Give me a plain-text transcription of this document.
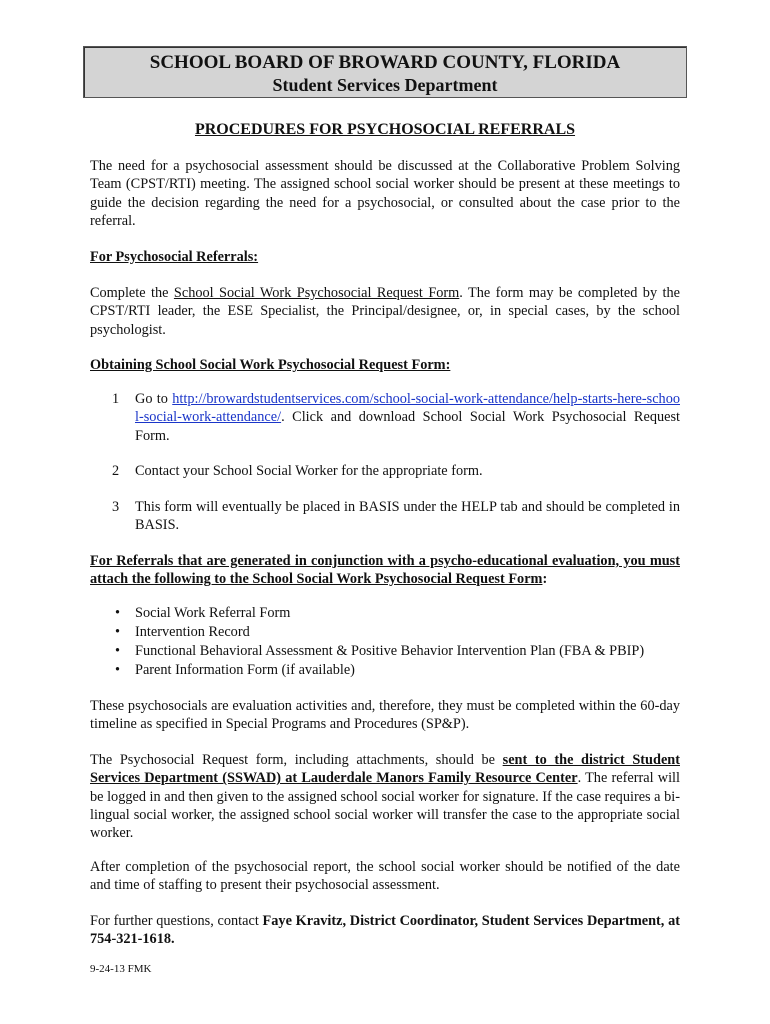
SCHOOL BOARD OF BROWARD COUNTY, FLORIDA
Student Services Department
PROCEDURES FOR PSYCHOSOCIAL REFERRALS
The need for a psychosocial assessment should be discussed at the Collaborative Problem Solving Team (CPST/RTI) meeting. The assigned school social worker should be present at these meetings to guide the decision regarding the need for a psychosocial, or consulted about the case prior to the referral.
For Psychosocial Referrals:
Complete the School Social Work Psychosocial Request Form. The form may be completed by the CPST/RTI leader, the ESE Specialist, the Principal/designee, or, in special cases, by the school psychologist.
Obtaining School Social Work Psychosocial Request Form:
1 Go to http://browardstudentservices.com/school-social-work-attendance/help-starts-here-school-social-work-attendance/. Click and download School Social Work Psychosocial Request Form.
2 Contact your School Social Worker for the appropriate form.
3 This form will eventually be placed in BASIS under the HELP tab and should be completed in BASIS.
For Referrals that are generated in conjunction with a psycho-educational evaluation, you must attach the following to the School Social Work Psychosocial Request Form:
• Social Work Referral Form
• Intervention Record
• Functional Behavioral Assessment & Positive Behavior Intervention Plan (FBA & PBIP)
• Parent Information Form (if available)
These psychosocials are evaluation activities and, therefore, they must be completed within the 60-day timeline as specified in Special Programs and Procedures (SP&P).
The Psychosocial Request form, including attachments, should be sent to the district Student Services Department (SSWAD) at Lauderdale Manors Family Resource Center. The referral will be logged in and then given to the assigned school social worker for signature. If the case requires a bi-lingual social worker, the assigned school social worker will transfer the case to the appropriate social worker.
After completion of the psychosocial report, the school social worker should be notified of the date and time of staffing to present their psychosocial assessment.
For further questions, contact Faye Kravitz, District Coordinator, Student Services Department, at 754-321-1618.
9-24-13 FMK
